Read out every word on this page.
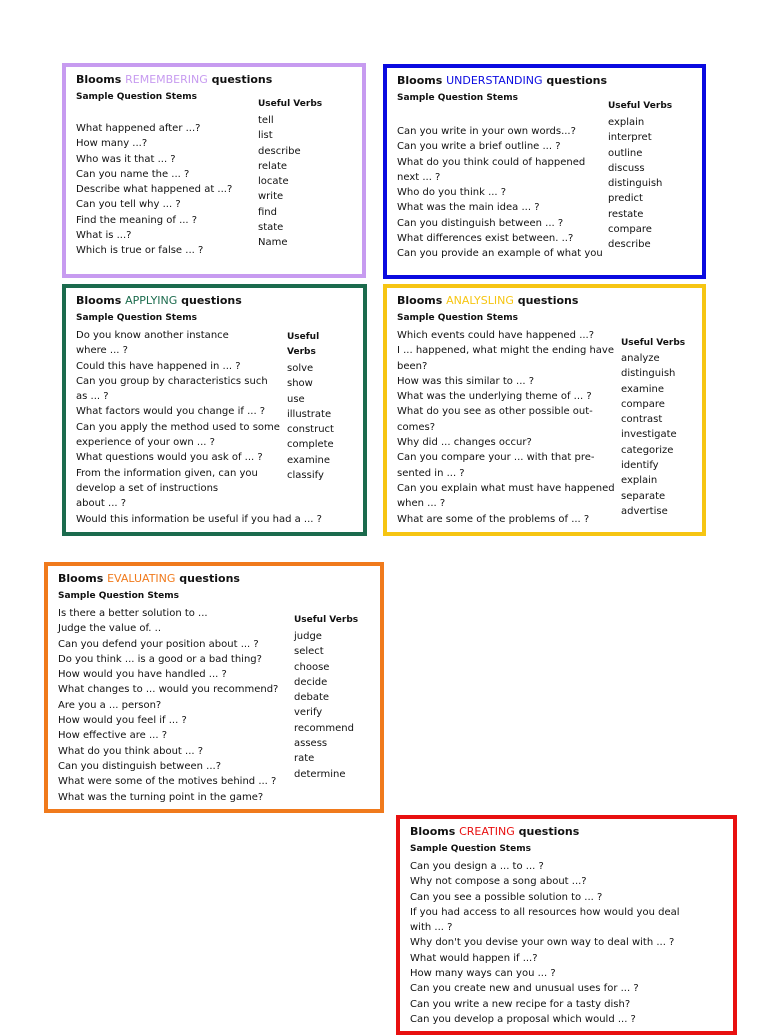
Blooms REMEMBERING questions
Sample Question Stems
Useful Verbs
What happened after ...?
How many ...?
Who was it that ... ?
Can you name the ... ?
Describe what happened at ...?
Can you tell why ... ?
Find the meaning of ... ?
What is ...?
Which is true or false ... ?
tell
list
describe
relate
locate
write
find
state
Name
Blooms UNDERSTANDING questions
Sample Question Stems
Useful Verbs
Can you write in your own words...?
Can you write a brief outline ... ?
What do you think could of happened
next ... ?
Who do you think ... ?
What was the main idea ... ?
Can you distinguish between ... ?
What differences exist between. ..?
Can you provide an example of what you
explain
interpret
outline
discuss
distinguish
predict
restate
compare
describe
Blooms APPLYING questions
Sample Question Stems
Useful
Verbs
Do you know another instance
where ... ?
Could this have happened in ... ?
Can you group by characteristics such
as ... ?
What factors would you change if ... ?
Can you apply the method used to some
experience of your own ... ?
What questions would you ask of ... ?
From the information given, can you
develop a set of instructions
about ... ?
Would this information be useful if you had a ... ?
solve
show
use
illustrate
construct
complete
examine
classify
Blooms ANALYSLING questions
Sample Question Stems
Useful Verbs
Which events could have happened ...?
I ... happened, what might the ending have
been?
How was this similar to ... ?
What was the underlying theme of ... ?
What do you see as other possible out-
comes?
Why did ... changes occur?
Can you compare your ... with that pre-
sented in ... ?
Can you explain what must have happened
when ... ?
What are some of the problems of ... ?
analyze
distinguish
examine
compare
contrast
investigate
categorize
identify
explain
separate
advertise
Blooms EVALUATING questions
Sample Question Stems
Useful Verbs
Is there a better solution to ...
Judge the value of. ..
Can you defend your position about ... ?
Do you think ... is a good or a bad thing?
How would you have handled ... ?
What changes to ... would you recommend?
Are you a ... person?
How would you feel if ... ?
How effective are ... ?
What do you think about ... ?
Can you distinguish between ...?
What were some of the motives behind ... ?
What was the turning point in the game?
judge
select
choose
decide
debate
verify
recommend
assess
rate
determine
Blooms CREATING questions
Sample Question Stems
Can you design a ... to ... ?
Why not compose a song about ...?
Can you see a possible solution to ... ?
If you had access to all resources how would you deal
with ... ?
Why don't you devise your own way to deal with ... ?
What would happen if ...?
How many ways can you ... ?
Can you create new and unusual uses for ... ?
Can you write a new recipe for a tasty dish?
Can you develop a proposal which would ... ?
